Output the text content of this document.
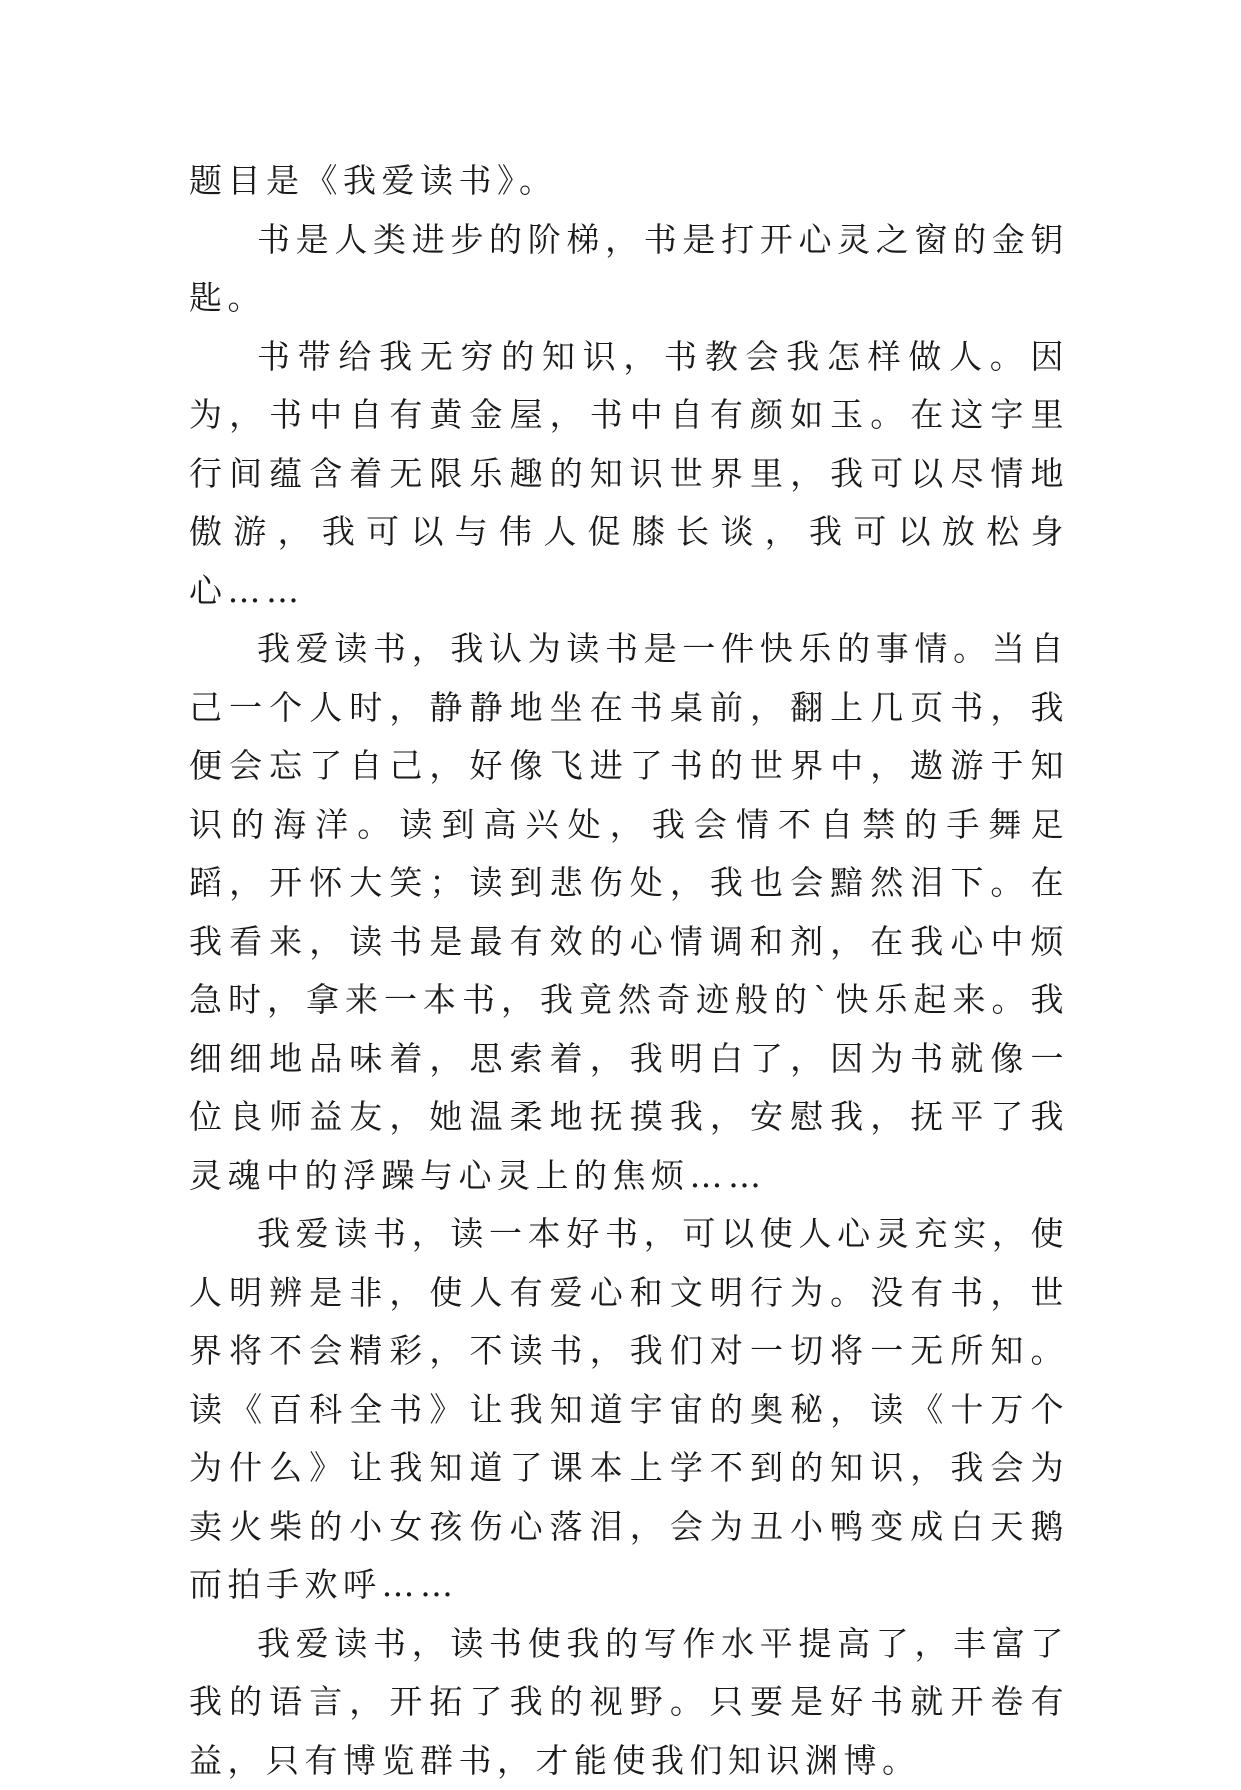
题目是《我爱读书》。

书是人类进步的阶梯，书是打开心灵之窗的金钥匙。

书带给我无穷的知识，书教会我怎样做人。因为，书中自有黄金屋，书中自有颜如玉。在这字里行间蕴含着无限乐趣的知识世界里，我可以尽情地傲游，我可以与伟人促膝长谈，我可以放松身心……

我爱读书，我认为读书是一件快乐的事情。当自己一个人时，静静地坐在书桌前，翻上几页书，我便会忘了自己，好像飞进了书的世界中，遨游于知识的海洋。读到高兴处，我会情不自禁的手舞足蹈，开怀大笑；读到悲伤处，我也会黯然泪下。在我看来，读书是最有效的心情调和剂，在我心中烦急时，拿来一本书，我竟然奇迹般的`快乐起来。我细细地品味着，思索着，我明白了，因为书就像一位良师益友，她温柔地抚摸我，安慰我，抚平了我灵魂中的浮躁与心灵上的焦烦……

我爱读书，读一本好书，可以使人心灵充实，使人明辨是非，使人有爱心和文明行为。没有书，世界将不会精彩，不读书，我们对一切将一无所知。读《百科全书》让我知道宇宙的奥秘，读《十万个为什么》让我知道了课本上学不到的知识，我会为卖火柴的小女孩伤心落泪，会为丑小鸭变成白天鹅而拍手欢呼……

我爱读书，读书使我的写作水平提高了，丰富了我的语言，开拓了我的视野。只要是好书就开卷有益，只有博览群书，才能使我们知识渊博。
